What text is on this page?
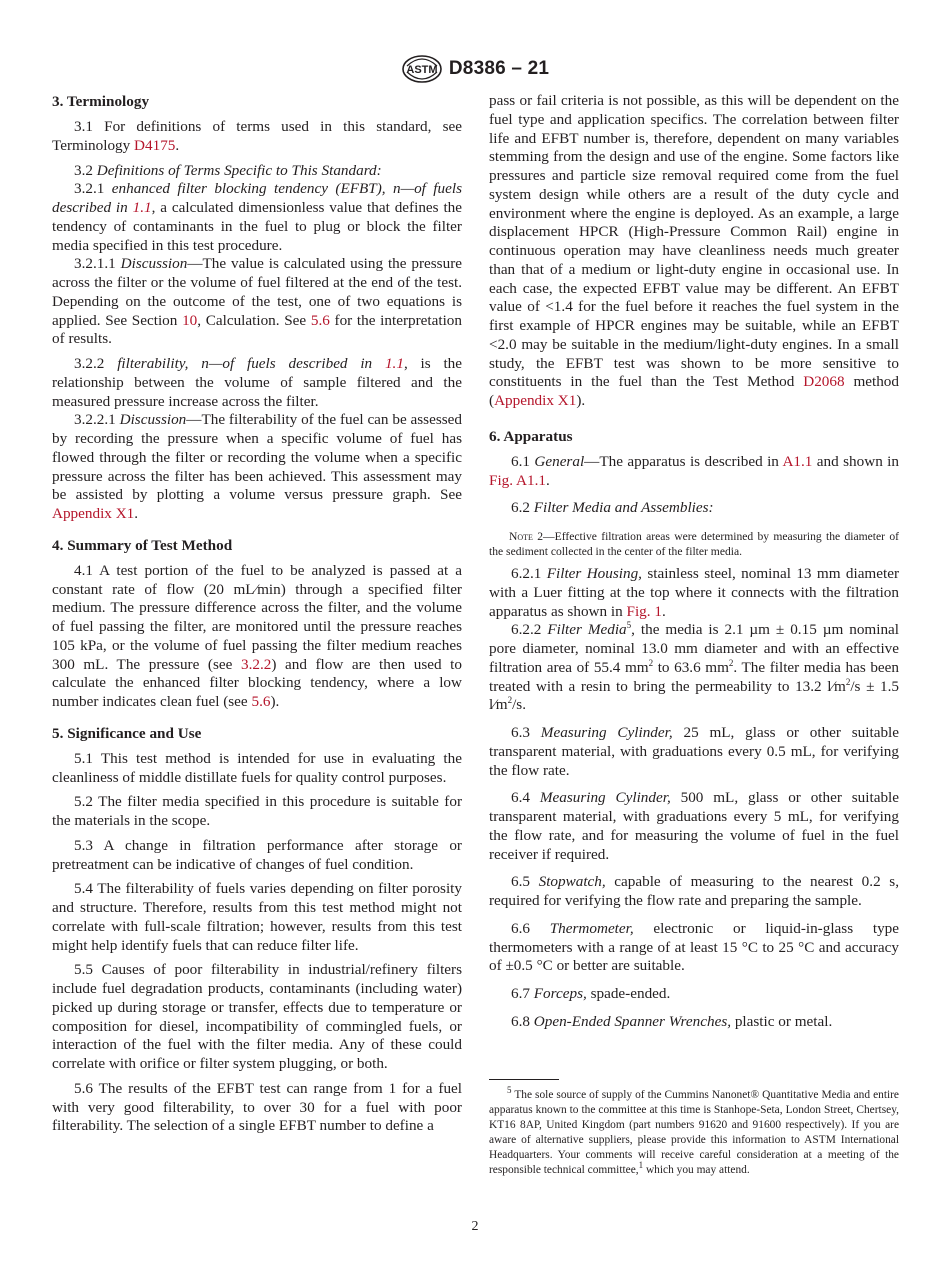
ASTM D8386 – 21
3. Terminology

3.1 For definitions of terms used in this standard, see Terminology D4175.

3.2 Definitions of Terms Specific to This Standard:

3.2.1 enhanced filter blocking tendency (EFBT), n—of fuels described in 1.1, a calculated dimensionless value that defines the tendency of contaminants in the fuel to plug or block the filter media specified in this test procedure.

3.2.1.1 Discussion—The value is calculated using the pressure across the filter or the volume of fuel filtered at the end of the test. Depending on the outcome of the test, one of two equations is applied. See Section 10, Calculation. See 5.6 for the interpretation of results.

3.2.2 filterability, n—of fuels described in 1.1, is the relationship between the volume of sample filtered and the measured pressure increase across the filter.

3.2.2.1 Discussion—The filterability of the fuel can be assessed by recording the pressure when a specific volume of fuel has flowed through the filter or recording the volume when a specific pressure across the filter has been achieved. This assessment may be assisted by plotting a volume versus pressure graph. See Appendix X1.

4. Summary of Test Method

4.1 A test portion of the fuel to be analyzed is passed at a constant rate of flow (20 mL⁄min) through a specified filter medium. The pressure difference across the filter, and the volume of fuel passing the filter, are monitored until the pressure reaches 105 kPa, or the volume of fuel passing the filter medium reaches 300 mL. The pressure (see 3.2.2) and flow are then used to calculate the enhanced filter blocking tendency, where a low number indicates clean fuel (see 5.6).

5. Significance and Use

5.1 This test method is intended for use in evaluating the cleanliness of middle distillate fuels for quality control purposes.

5.2 The filter media specified in this procedure is suitable for the materials in the scope.

5.3 A change in filtration performance after storage or pretreatment can be indicative of changes of fuel condition.

5.4 The filterability of fuels varies depending on filter porosity and structure. Therefore, results from this test method might not correlate with full-scale filtration; however, results from this test might help identify fuels that can reduce filter life.

5.5 Causes of poor filterability in industrial/refinery filters include fuel degradation products, contaminants (including water) picked up during storage or transfer, effects due to temperature or composition for diesel, incompatibility of commingled fuels, or interaction of the fuel with the filter media. Any of these could correlate with orifice or filter system plugging, or both.

5.6 The results of the EFBT test can range from 1 for a fuel with very good filterability, to over 30 for a fuel with poor filterability. The selection of a single EFBT number to define a

pass or fail criteria is not possible, as this will be dependent on the fuel type and application specifics. The correlation between filter life and EFBT number is, therefore, dependent on many variables stemming from the design and use of the engine. Some factors like pressures and particle size removal required come from the fuel system design while others are a result of the duty cycle and environment where the engine is deployed. As an example, a large displacement HPCR (High-Pressure Common Rail) engine in continuous operation may have cleanliness needs much greater than that of a medium or light-duty engine in occasional use. In each case, the expected EFBT value may be different. An EFBT value of <1.4 for the fuel before it reaches the fuel system in the first example of HPCR engines may be suitable, while an EFBT <2.0 may be suitable in the medium/light-duty engines. In a small study, the EFBT test was shown to be more sensitive to constituents in the fuel than the Test Method D2068 method (Appendix X1).

6. Apparatus

6.1 General—The apparatus is described in A1.1 and shown in Fig. A1.1.

6.2 Filter Media and Assemblies:

Note 2—Effective filtration areas were determined by measuring the diameter of the sediment collected in the center of the filter media.

6.2.1 Filter Housing, stainless steel, nominal 13 mm diameter with a Luer fitting at the top where it connects with the filtration apparatus as shown in Fig. 1.

6.2.2 Filter Media$^5$, the media is 2.1 µm ± 0.15 µm nominal pore diameter, nominal 13.0 mm diameter and with an effective filtration area of 55.4 $mm^2$ to 63.6 $mm^2$. The filter media has been treated with a resin to bring the permeability to 13.2 $l⁄m^2/s \pm 1.5$ $l⁄m^2/s$.

6.3 Measuring Cylinder, 25 mL, glass or other suitable transparent material, with graduations every 0.5 mL, for verifying the flow rate.

6.4 Measuring Cylinder, 500 mL, glass or other suitable transparent material, with graduations every 5 mL, for verifying the flow rate, and for measuring the volume of fuel in the fuel receiver if required.

6.5 Stopwatch, capable of measuring to the nearest 0.2 s, required for verifying the flow rate and preparing the sample.

6.6 Thermometer, electronic or liquid-in-glass type thermometers with a range of at least 15 °C to 25 °C and accuracy of ±0.5 °C or better are suitable.

6.7 Forceps, spade-ended.

6.8 Open-Ended Spanner Wrenches, plastic or metal.

$^5$ The sole source of supply of the Cummins Nanonet® Quantitative Media and entire apparatus known to the committee at this time is Stanhope-Seta, London Street, Chertsey, KT16 8AP, United Kingdom (part numbers 91620 and 91600 respectively). If you are aware of alternative suppliers, please provide this information to ASTM International Headquarters. Your comments will receive careful consideration at a meeting of the responsible technical committee,$^1$ which you may attend.

2
